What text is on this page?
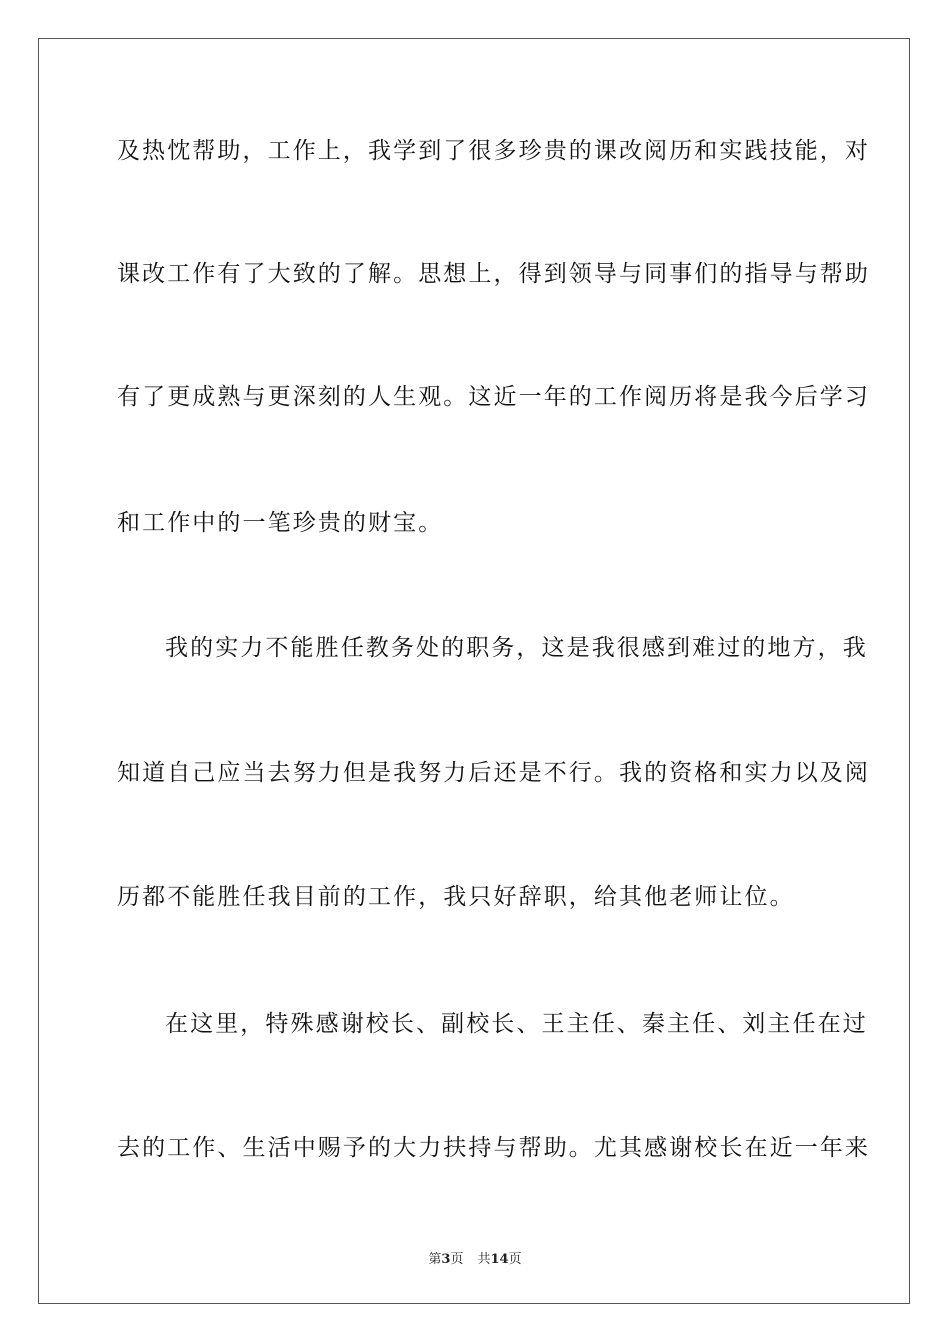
及热忱帮助，工作上，我学到了很多珍贵的课改阅历和实践技能，对
课改工作有了大致的了解。思想上，得到领导与同事们的指导与帮助
有了更成熟与更深刻的人生观。这近一年的工作阅历将是我今后学习
和工作中的一笔珍贵的财宝。
我的实力不能胜任教务处的职务，这是我很感到难过的地方，我
知道自己应当去努力但是我努力后还是不行。我的资格和实力以及阅
历都不能胜任我目前的工作，我只好辞职，给其他老师让位。
在这里，特殊感谢校长、副校长、王主任、秦主任、刘主任在过
去的工作、生活中赐予的大力扶持与帮助。尤其感谢校长在近一年来
第3页 共14页
